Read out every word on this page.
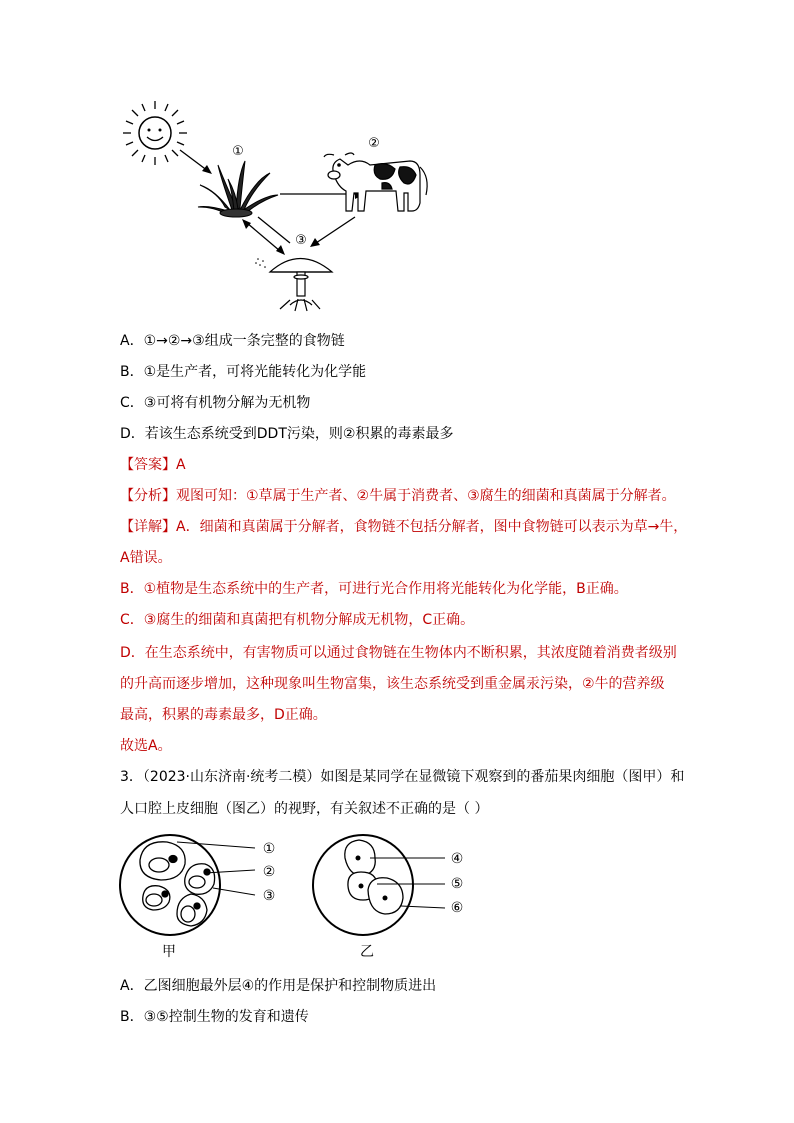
①
②
③
A．①→②→③组成一条完整的食物链
B．①是生产者，可将光能转化为化学能
C．③可将有机物分解为无机物
D．若该生态系统受到DDT污染，则②积累的毒素最多
【答案】A
【分析】观图可知：①草属于生产者、②牛属于消费者、③腐生的细菌和真菌属于分解者。
【详解】A．细菌和真菌属于分解者，食物链不包括分解者，图中食物链可以表示为草→牛，
A错误。
B．①植物是生态系统中的生产者，可进行光合作用将光能转化为化学能，B正确。
C．③腐生的细菌和真菌把有机物分解成无机物，C正确。
D．在生态系统中，有害物质可以通过食物链在生物体内不断积累，其浓度随着消费者级别
的升高而逐步增加，这种现象叫生物富集，该生态系统受到重金属汞污染，②牛的营养级
最高，积累的毒素最多，D正确。
故选A。
3．（2023·山东济南·统考二模）如图是某同学在显微镜下观察到的番茄果肉细胞（图甲）和
人口腔上皮细胞（图乙）的视野，有关叙述不正确的是（ ）
①
②
③
甲
④
⑤
⑥
乙
A．乙图细胞最外层④的作用是保护和控制物质进出
B．③⑤控制生物的发育和遗传
